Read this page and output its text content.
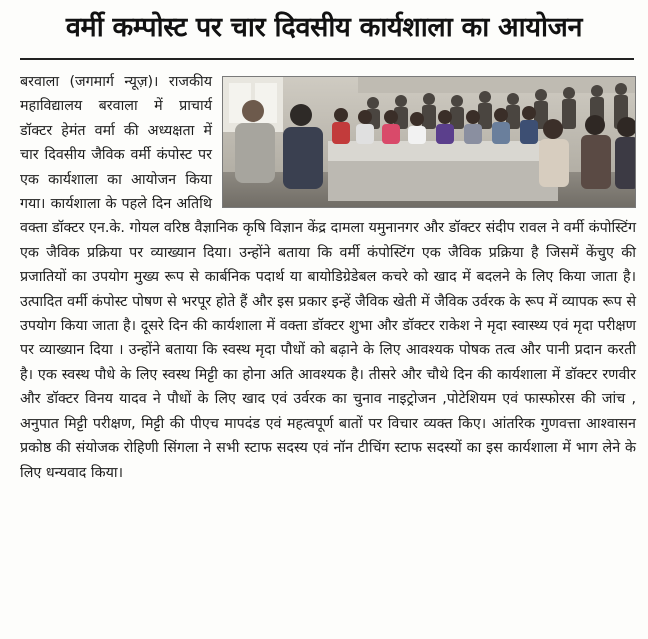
वर्मी कम्पोस्ट पर चार दिवसीय कार्यशाला का आयोजन

बरवाला (जगमार्ग न्यूज़)। राजकीय महाविद्यालय बरवाला में प्राचार्य डॉक्टर हेमंत वर्मा की अध्यक्षता में चार दिवसीय जैविक वर्मी कंपोस्ट पर एक कार्यशाला का आयोजन किया गया। कार्यशाला के पहले दिन अतिथि वक्ता डॉक्टर एन.के. गोयल वरिष्ठ वैज्ञानिक कृषि विज्ञान केंद्र दामला यमुनानगर और डॉक्टर संदीप रावल ने वर्मी कंपोस्टिंग एक जैविक प्रक्रिया पर व्याख्यान दिया। उन्होंने बताया कि वर्मी कंपोस्टिंग एक जैविक प्रक्रिया है जिसमें केंचुए की प्रजातियों का उपयोग मुख्य रूप से कार्बनिक पदार्थ या बायोडिग्रेडेबल कचरे को खाद में बदलने के लिए किया जाता है। उत्पादित वर्मी कंपोस्ट पोषण से भरपूर होते हैं और इस प्रकार इन्हें जैविक खेती में जैविक उर्वरक के रूप में व्यापक रूप से उपयोग किया जाता है। दूसरे दिन की कार्यशाला में वक्ता डॉक्टर शुभा और डॉक्टर राकेश ने मृदा स्वास्थ्य एवं मृदा परीक्षण पर व्याख्यान दिया । उन्होंने बताया कि स्वस्थ मृदा पौधों को बढ़ाने के लिए आवश्यक पोषक तत्व और पानी प्रदान करती है। एक स्वस्थ पौधे के लिए स्वस्थ मिट्टी का होना अति आवश्यक है। तीसरे और चौथे दिन की कार्यशाला में डॉक्टर रणवीर और डॉक्टर विनय यादव ने पौधों के लिए खाद एवं उर्वरक का चुनाव नाइट्रोजन ,पोटेशियम एवं फास्फोरस की जांच , अनुपात मिट्टी परीक्षण, मिट्टी की पीएच मापदंड एवं महत्वपूर्ण बातों पर विचार व्यक्त किए। आंतरिक गुणवत्ता आश्वासन प्रकोष्ठ की संयोजक रोहिणी सिंगला ने सभी स्टाफ सदस्य एवं नॉन टीचिंग स्टाफ सदस्यों का इस कार्यशाला में भाग लेने के लिए धन्यवाद किया।
